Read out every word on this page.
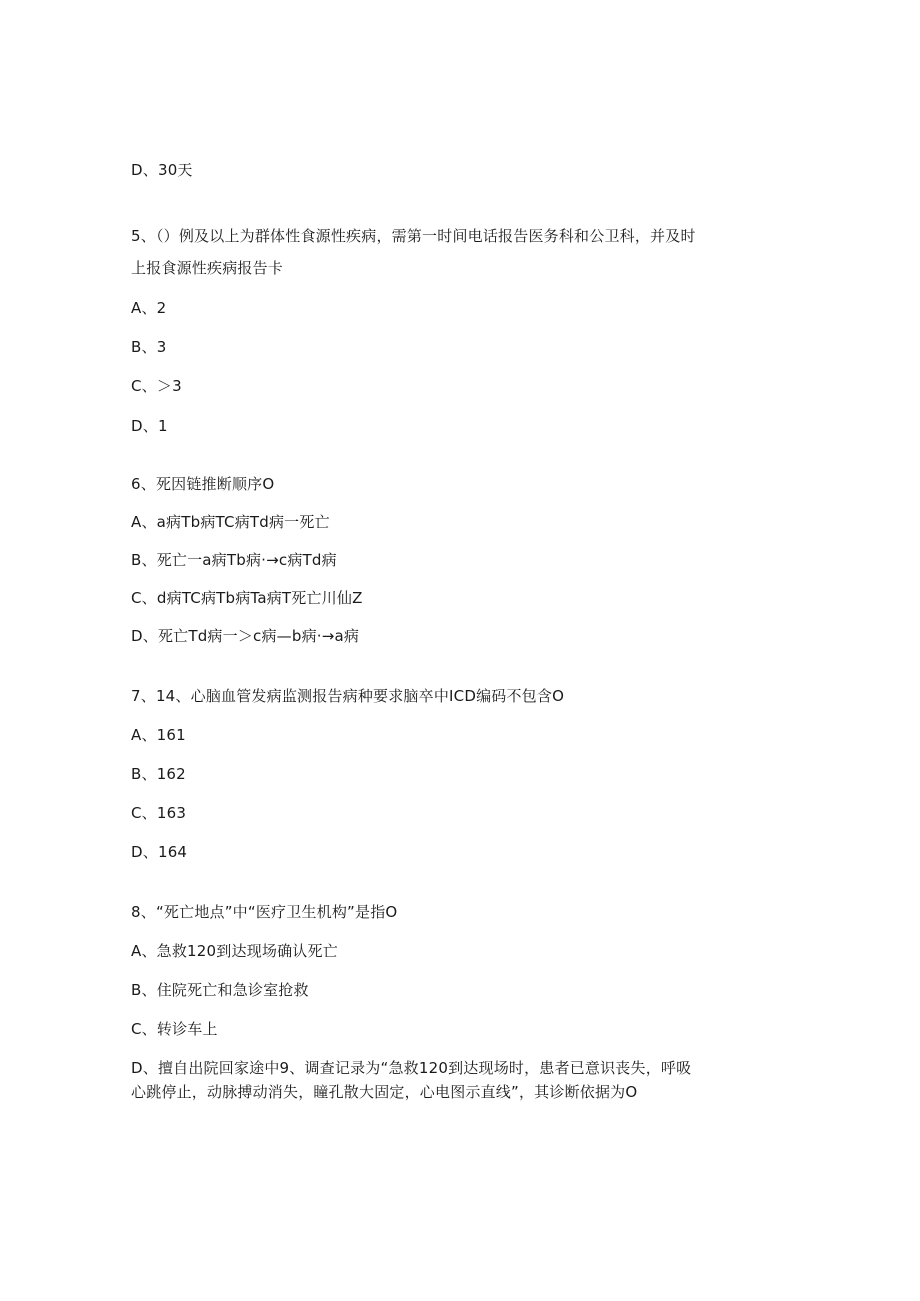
D、30天
5、（）例及以上为群体性食源性疾病，需第一时间电话报告医务科和公卫科，并及时
上报食源性疾病报告卡
A、2
B、3
C、＞3
D、1
6、死因链推断顺序O
A、a病Tb病TC病Td病一死亡
B、死亡一a病Tb病·→c病Td病
C、d病TC病Tb病Ta病T死亡川仙Z
D、死亡Td病一＞c病—b病·→a病
7、14、心脑血管发病监测报告病种要求脑卒中ICD编码不包含O
A、161
B、162
C、163
D、164
8、“死亡地点”中“医疗卫生机构”是指O
A、急救120到达现场确认死亡
B、住院死亡和急诊室抢救
C、转诊车上
D、擅自出院回家途中9、调查记录为“急救120到达现场时，患者已意识丧失，呼吸
心跳停止，动脉搏动消失，瞳孔散大固定，心电图示直线”，其诊断依据为O
